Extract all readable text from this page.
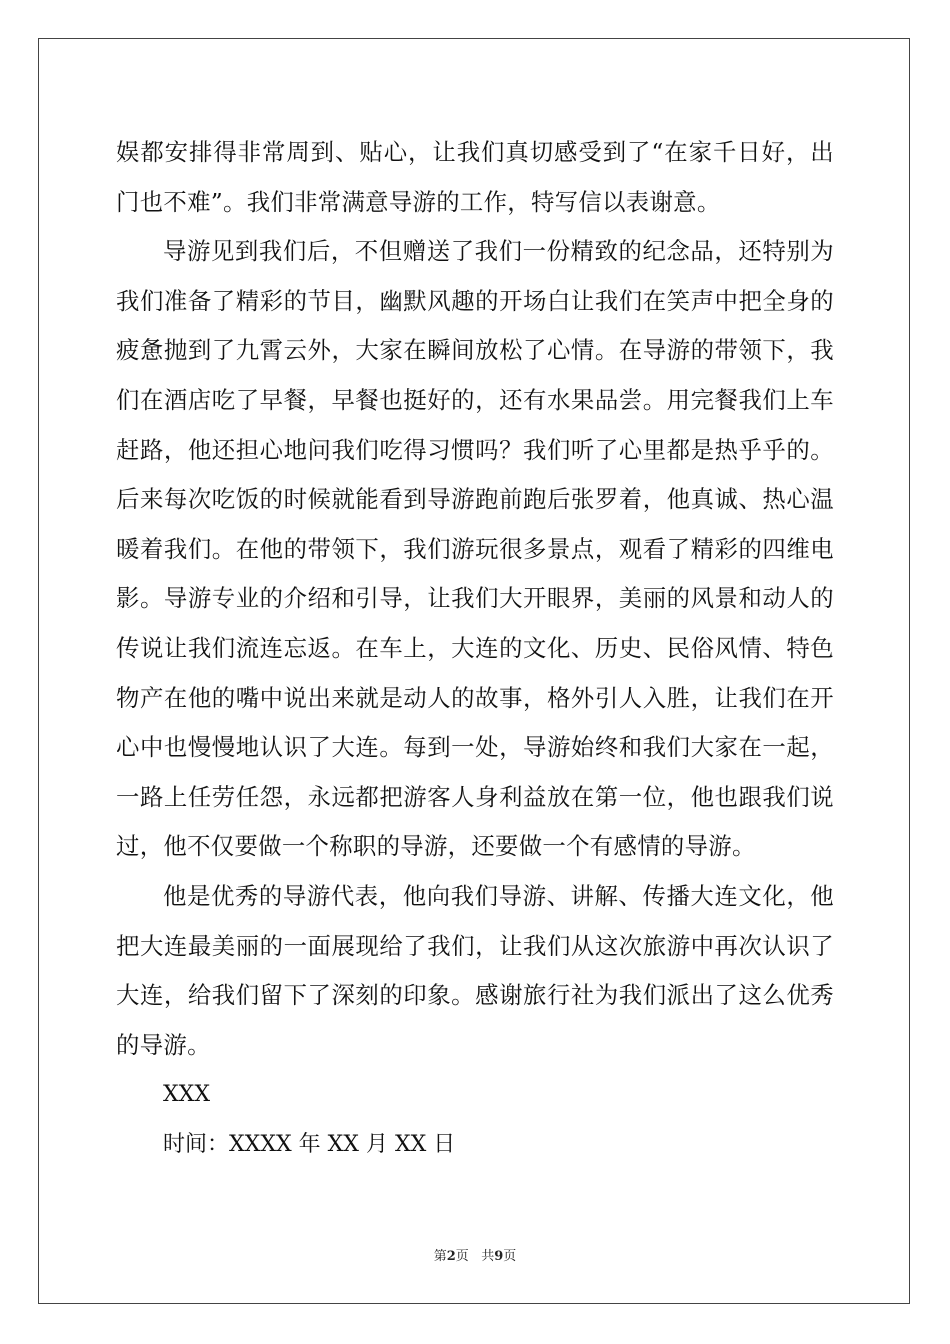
娱都安排得非常周到、贴心，让我们真切感受到了“在家千日好，出门也不难”。我们非常满意导游的工作，特写信以表谢意。

导游见到我们后，不但赠送了我们一份精致的纪念品，还特别为我们准备了精彩的节目，幽默风趣的开场白让我们在笑声中把全身的疲惫抛到了九霄云外，大家在瞬间放松了心情。在导游的带领下，我们在酒店吃了早餐，早餐也挺好的，还有水果品尝。用完餐我们上车赶路，他还担心地问我们吃得习惯吗？我们听了心里都是热乎乎的。后来每次吃饭的时候就能看到导游跑前跑后张罗着，他真诚、热心温暖着我们。在他的带领下，我们游玩很多景点，观看了精彩的四维电影。导游专业的介绍和引导，让我们大开眼界，美丽的风景和动人的传说让我们流连忘返。在车上，大连的文化、历史、民俗风情、特色物产在他的嘴中说出来就是动人的故事，格外引人入胜，让我们在开心中也慢慢地认识了大连。每到一处，导游始终和我们大家在一起，一路上任劳任怨，永远都把游客人身利益放在第一位，他也跟我们说过，他不仅要做一个称职的导游，还要做一个有感情的导游。

他是优秀的导游代表，他向我们导游、讲解、传播大连文化，他把大连最美丽的一面展现给了我们，让我们从这次旅游中再次认识了大连，给我们留下了深刻的印象。感谢旅行社为我们派出了这么优秀的导游。

XXX

时间：XXXX 年 XX 月 XX 日

第2页 共9页
